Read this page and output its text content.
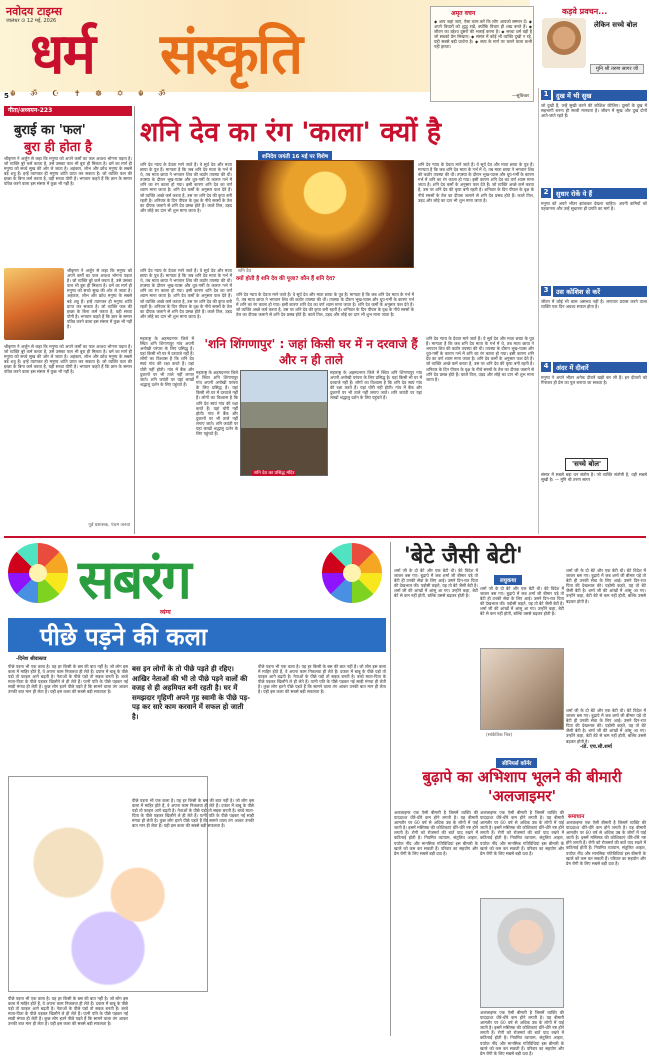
नवोदय टाइम्स
जालंधर ⊙ 12 मई, 2026
धर्म संस्कृति
☬ ॐ ☪ ✝ ☸ ✡ ☬ ॐ
5
अमृत वचन
◆ आप जहां जाएं, ऐसा काम करें कि लोग आपको सम्मान दें। ◆ अपने विचारों को शुद्ध रखें, क्योंकि विचार ही शब्द बनते हैं। ◆ जीवन का उद्देश्य दूसरों की भलाई करना है। ◆ सच्चा धर्म वही है जो सबको प्रेम सिखाए। ◆ संसार में कोई भी व्यक्ति दुखी न रहे, यही सबसे बड़ी प्रार्थना है। ◆ सत्य के मार्ग पर चलने वाला कभी नहीं हारता।
—सुविचार
कड़वे प्रवचन...
लेकिन सच्चे बोल
मुनि श्री तरुण सागर जी
गीता/अध्ययन-223
बुराई का 'फल'
बुरा ही होता है
श्रीकृष्ण ने अर्जुन से कहा कि मनुष्य को अपने कर्मों का फल अवश्य भोगना पड़ता है। जो व्यक्ति बुरे कर्म करता है, उसे उसका फल भी बुरा ही मिलता है। धर्म का मार्ग ही मनुष्य को सच्चे सुख की ओर ले जाता है। अहंकार, लोभ और क्रोध मनुष्य के सबसे बड़े शत्रु हैं। इन्हें त्यागकर ही मनुष्य शांति प्राप्त कर सकता है। जो व्यक्ति फल की इच्छा के बिना कर्म करता है, वही सच्चा योगी है। भगवान कहते हैं कि ज्ञान के समान पवित्र करने वाला इस संसार में कुछ भी नहीं है।
श्रीकृष्ण ने अर्जुन से कहा कि मनुष्य को अपने कर्मों का फल अवश्य भोगना पड़ता है। जो व्यक्ति बुरे कर्म करता है, उसे उसका फल भी बुरा ही मिलता है। धर्म का मार्ग ही मनुष्य को सच्चे सुख की ओर ले जाता है। अहंकार, लोभ और क्रोध मनुष्य के सबसे बड़े शत्रु हैं। इन्हें त्यागकर ही मनुष्य शांति प्राप्त कर सकता है। जो व्यक्ति फल की इच्छा के बिना कर्म करता है, वही सच्चा योगी है। भगवान कहते हैं कि ज्ञान के समान पवित्र करने वाला इस संसार में कुछ भी नहीं है।
श्रीकृष्ण ने अर्जुन से कहा कि मनुष्य को अपने कर्मों का फल अवश्य भोगना पड़ता है। जो व्यक्ति बुरे कर्म करता है, उसे उसका फल भी बुरा ही मिलता है। धर्म का मार्ग ही मनुष्य को सच्चे सुख की ओर ले जाता है। अहंकार, लोभ और क्रोध मनुष्य के सबसे बड़े शत्रु हैं। इन्हें त्यागकर ही मनुष्य शांति प्राप्त कर सकता है। जो व्यक्ति फल की इच्छा के बिना कर्म करता है, वही सच्चा योगी है। भगवान कहते हैं कि ज्ञान के समान पवित्र करने वाला इस संसार में कुछ भी नहीं है।
पूर्व प्रशासक, पंचम जनवा
शनि देव का रंग 'काला' क्यों है
शनिदेव जयंती 16 मई पर विशेष
शनि देव न्याय के देवता माने जाते हैं। वे सूर्य देव और माता छाया के पुत्र हैं। मान्यता है कि जब शनि देव माता के गर्भ में थे, तब माता छाया ने भगवान शिव की कठोर तपस्या की थी। तपस्या के दौरान भूख-प्यास और धूप-गर्मी के कारण गर्भ में शनि का रंग काला हो गया। इसी कारण शनि देव का वर्ण श्याम माना जाता है। शनि देव कर्मों के अनुसार फल देते हैं। जो व्यक्ति अच्छे कर्म करता है, उस पर शनि देव की कृपा बनी रहती है। शनिवार के दिन पीपल के वृक्ष के नीचे सरसों के तेल का दीपक जलाने से शनि देव प्रसन्न होते हैं। काले तिल, उड़द और लोहे का दान भी शुभ माना जाता है।
शनि देव
शनि देव न्याय के देवता माने जाते हैं। वे सूर्य देव और माता छाया के पुत्र हैं। मान्यता है कि जब शनि देव माता के गर्भ में थे, तब माता छाया ने भगवान शिव की कठोर तपस्या की थी। तपस्या के दौरान भूख-प्यास और धूप-गर्मी के कारण गर्भ में शनि का रंग काला हो गया। इसी कारण शनि देव का वर्ण श्याम माना जाता है। शनि देव कर्मों के अनुसार फल देते हैं। जो व्यक्ति अच्छे कर्म करता है, उस पर शनि देव की कृपा बनी रहती है। शनिवार के दिन पीपल के वृक्ष के नीचे सरसों के तेल का दीपक जलाने से शनि देव प्रसन्न होते हैं। काले तिल, उड़द और लोहे का दान भी शुभ माना जाता है।
शनि देव न्याय के देवता माने जाते हैं। वे सूर्य देव और माता छाया के पुत्र हैं। मान्यता है कि जब शनि देव माता के गर्भ में थे, तब माता छाया ने भगवान शिव की कठोर तपस्या की थी। तपस्या के दौरान भूख-प्यास और धूप-गर्मी के कारण गर्भ में शनि का रंग काला हो गया। इसी कारण शनि देव का वर्ण श्याम माना जाता है। शनि देव कर्मों के अनुसार फल देते हैं। जो व्यक्ति अच्छे कर्म करता है, उस पर शनि देव की कृपा बनी रहती है। शनिवार के दिन पीपल के वृक्ष के नीचे सरसों के तेल का दीपक जलाने से शनि देव प्रसन्न होते हैं। काले तिल, उड़द और लोहे का दान भी शुभ माना जाता है।
क्यों होती है शनि देव की पूजा? कौन हैं शनि देव?
शनि देव न्याय के देवता माने जाते हैं। वे सूर्य देव और माता छाया के पुत्र हैं। मान्यता है कि जब शनि देव माता के गर्भ में थे, तब माता छाया ने भगवान शिव की कठोर तपस्या की थी। तपस्या के दौरान भूख-प्यास और धूप-गर्मी के कारण गर्भ में शनि का रंग काला हो गया। इसी कारण शनि देव का वर्ण श्याम माना जाता है। शनि देव कर्मों के अनुसार फल देते हैं। जो व्यक्ति अच्छे कर्म करता है, उस पर शनि देव की कृपा बनी रहती है। शनिवार के दिन पीपल के वृक्ष के नीचे सरसों के तेल का दीपक जलाने से शनि देव प्रसन्न होते हैं। काले तिल, उड़द और लोहे का दान भी शुभ माना जाता है।
'शनि शिंगणापुर' : जहां किसी घर में न दरवाजे हैं और न ही ताले
महाराष्ट्र के अहमदनगर जिले में स्थित शनि शिंगणापुर गांव अपनी अनोखी परंपरा के लिए प्रसिद्ध है। यहां किसी भी घर में दरवाजे नहीं हैं। लोगों का विश्वास है कि शनि देव स्वयं गांव की रक्षा करते हैं। यहां चोरी नहीं होती। गांव में बैंक और दुकानों पर भी ताले नहीं लगाए जाते। शनि जयंती पर यहां लाखों श्रद्धालु दर्शन के लिए पहुंचते हैं।
शनि देव का प्रसिद्ध मंदिर
महाराष्ट्र के अहमदनगर जिले में स्थित शनि शिंगणापुर गांव अपनी अनोखी परंपरा के लिए प्रसिद्ध है। यहां किसी भी घर में दरवाजे नहीं हैं। लोगों का विश्वास है कि शनि देव स्वयं गांव की रक्षा करते हैं। यहां चोरी नहीं होती। गांव में बैंक और दुकानों पर भी ताले नहीं लगाए जाते। शनि जयंती पर यहां लाखों श्रद्धालु दर्शन के लिए पहुंचते हैं।
महाराष्ट्र के अहमदनगर जिले में स्थित शनि शिंगणापुर गांव अपनी अनोखी परंपरा के लिए प्रसिद्ध है। यहां किसी भी घर में दरवाजे नहीं हैं। लोगों का विश्वास है कि शनि देव स्वयं गांव की रक्षा करते हैं। यहां चोरी नहीं होती। गांव में बैंक और दुकानों पर भी ताले नहीं लगाए जाते। शनि जयंती पर यहां लाखों श्रद्धालु दर्शन के लिए पहुंचते हैं।
शनि देव न्याय के देवता माने जाते हैं। वे सूर्य देव और माता छाया के पुत्र हैं। मान्यता है कि जब शनि देव माता के गर्भ में थे, तब माता छाया ने भगवान शिव की कठोर तपस्या की थी। तपस्या के दौरान भूख-प्यास और धूप-गर्मी के कारण गर्भ में शनि का रंग काला हो गया। इसी कारण शनि देव का वर्ण श्याम माना जाता है। शनि देव कर्मों के अनुसार फल देते हैं। जो व्यक्ति अच्छे कर्म करता है, उस पर शनि देव की कृपा बनी रहती है। शनिवार के दिन पीपल के वृक्ष के नीचे सरसों के तेल का दीपक जलाने से शनि देव प्रसन्न होते हैं। काले तिल, उड़द और लोहे का दान भी शुभ माना जाता है।
1	दुख में भी सुख
जो दुखी हैं, उन्हें सुखी करने की कोशिश कीजिए। दूसरों के दुख में सहभागी बनना ही सच्ची मानवता है। जीवन में सुख और दुख दोनों आते-जाते रहते हैं।
2	सुधार रोकें ये हैं
मनुष्य को अपने भीतर झांककर देखना चाहिए। अपनी कमियों को पहचानना और उन्हें सुधारना ही प्रगति का मार्ग है।
3	उस कोशिश से करें
जीवन में कोई भी काम असंभव नहीं है। लगातार प्रयास करने वाला व्यक्ति एक दिन अवश्य सफल होता है।
4	अंदर में दीवारें
मनुष्य ने अपने भीतर अनेक दीवारें खड़ी कर ली हैं। इन दीवारों को गिराकर ही प्रेम का पुल बनाया जा सकता है।
'सच्चे बोल'
संसार में सबसे बड़ा धन संतोष है। जो व्यक्ति संतोषी है, वही सबसे सुखी है। — मुनि श्री तरुण सागर
सबरंग
व्यंग्य
पीछे पड़ने की कला
-दिनेश श्रीवास्तव
पीछे पड़ना भी एक कला है। यह हर किसी के बस की बात नहीं है। जो लोग इस कला में माहिर होते हैं, वे अपना काम निकलवा ही लेते हैं। दफ्तर में बाबू के पीछे पड़ो तो फाइल आगे बढ़ती है। नेताओं के पीछे पड़ो तो सड़क बनती है। बच्चे माता-पिता के पीछे पड़कर खिलौने ले ही लेते हैं। पत्नी पति के पीछे पड़कर नई साड़ी मंगवा ही लेती है। कुछ लोग इतने पीछे पड़ते हैं कि सामने वाला तंग आकर उनकी बात मान ही लेता है। यही इस कला की सबसे बड़ी सफलता है।
बस इन लोगों के तो पीछे पड़ते ही रहिए। आखिर नेताओं की भी तो पीछे पड़ने वालों की वजह से ही अहमियत बनी रहती है। घर में समझदार गृहिणी अपने गृह स्वामी के पीछे पड़-पड़ कर सारे काम करवाने में सफल हो जाती है।
पीछे पड़ना भी एक कला है। यह हर किसी के बस की बात नहीं है। जो लोग इस कला में माहिर होते हैं, वे अपना काम निकलवा ही लेते हैं। दफ्तर में बाबू के पीछे पड़ो तो फाइल आगे बढ़ती है। नेताओं के पीछे पड़ो तो सड़क बनती है। बच्चे माता-पिता के पीछे पड़कर खिलौने ले ही लेते हैं। पत्नी पति के पीछे पड़कर नई साड़ी मंगवा ही लेती है। कुछ लोग इतने पीछे पड़ते हैं कि सामने वाला तंग आकर उनकी बात मान ही लेता है। यही इस कला की सबसे बड़ी सफलता है।
पीछे पड़ना भी एक कला है। यह हर किसी के बस की बात नहीं है। जो लोग इस कला में माहिर होते हैं, वे अपना काम निकलवा ही लेते हैं। दफ्तर में बाबू के पीछे पड़ो तो फाइल आगे बढ़ती है। नेताओं के पीछे पड़ो तो सड़क बनती है। बच्चे माता-पिता के पीछे पड़कर खिलौने ले ही लेते हैं। पत्नी पति के पीछे पड़कर नई साड़ी मंगवा ही लेती है। कुछ लोग इतने पीछे पड़ते हैं कि सामने वाला तंग आकर उनकी बात मान ही लेता है। यही इस कला की सबसे बड़ी सफलता है।
पीछे पड़ना भी एक कला है। यह हर किसी के बस की बात नहीं है। जो लोग इस कला में माहिर होते हैं, वे अपना काम निकलवा ही लेते हैं। दफ्तर में बाबू के पीछे पड़ो तो फाइल आगे बढ़ती है। नेताओं के पीछे पड़ो तो सड़क बनती है। बच्चे माता-पिता के पीछे पड़कर खिलौने ले ही लेते हैं। पत्नी पति के पीछे पड़कर नई साड़ी मंगवा ही लेती है। कुछ लोग इतने पीछे पड़ते हैं कि सामने वाला तंग आकर उनकी बात मान ही लेता है। यही इस कला की सबसे बड़ी सफलता है।
'बेटे जैसी बेटी'
लघुकथा
शर्मा जी के दो बेटे और एक बेटी थी। बेटे विदेश में जाकर बस गए। बुढ़ापे में जब शर्मा जी बीमार पड़े तो बेटी ही उनकी सेवा के लिए आई। उसने दिन-रात पिता की देखभाल की। पड़ोसी कहते, यह तो बेटे जैसी बेटी है। शर्मा जी की आंखों में आंसू आ गए। उन्होंने कहा, बेटी बेटे से कम नहीं होती, बल्कि उससे बढ़कर होती है।
शर्मा जी के दो बेटे और एक बेटी थी। बेटे विदेश में जाकर बस गए। बुढ़ापे में जब शर्मा जी बीमार पड़े तो बेटी ही उनकी सेवा के लिए आई। उसने दिन-रात पिता की देखभाल की। पड़ोसी कहते, यह तो बेटे जैसी बेटी है। शर्मा जी की आंखों में आंसू आ गए। उन्होंने कहा, बेटी बेटे से कम नहीं होती, बल्कि उससे बढ़कर होती है।
शर्मा जी के दो बेटे और एक बेटी थी। बेटे विदेश में जाकर बस गए। बुढ़ापे में जब शर्मा जी बीमार पड़े तो बेटी ही उनकी सेवा के लिए आई। उसने दिन-रात पिता की देखभाल की। पड़ोसी कहते, यह तो बेटे जैसी बेटी है। शर्मा जी की आंखों में आंसू आ गए। उन्होंने कहा, बेटी बेटे से कम नहीं होती, बल्कि उससे बढ़कर होती है।
(सांकेतिक चित्र)
शर्मा जी के दो बेटे और एक बेटी थी। बेटे विदेश में जाकर बस गए। बुढ़ापे में जब शर्मा जी बीमार पड़े तो बेटी ही उनकी सेवा के लिए आई। उसने दिन-रात पिता की देखभाल की। पड़ोसी कहते, यह तो बेटे जैसी बेटी है। शर्मा जी की आंखों में आंसू आ गए। उन्होंने कहा, बेटी बेटे से कम नहीं होती, बल्कि उससे बढ़कर होती है।
-प्रो. एच.सी.शर्मा
सीनियर्स कॉर्नर
बुढ़ापे का अभिशाप भूलने की बीमारी 'अलजाइमर'
अलजाइमर एक ऐसी बीमारी है जिसमें व्यक्ति की याददाश्त धीरे-धीरे कम होने लगती है। यह बीमारी आमतौर पर 60 वर्ष से अधिक उम्र के लोगों में पाई जाती है। इसमें मस्तिष्क की कोशिकाएं धीरे-धीरे नष्ट होने लगती हैं। रोगी को रोजमर्रा की बातें याद रखने में कठिनाई होती है। नियमित व्यायाम, संतुलित आहार, पर्याप्त नींद और मानसिक गतिविधियां इस बीमारी के खतरे को कम कर सकती हैं। परिवार का सहयोग और प्रेम रोगी के लिए सबसे बड़ी दवा है।
अलजाइमर एक ऐसी बीमारी है जिसमें व्यक्ति की याददाश्त धीरे-धीरे कम होने लगती है। यह बीमारी आमतौर पर 60 वर्ष से अधिक उम्र के लोगों में पाई जाती है। इसमें मस्तिष्क की कोशिकाएं धीरे-धीरे नष्ट होने लगती हैं। रोगी को रोजमर्रा की बातें याद रखने में कठिनाई होती है। नियमित व्यायाम, संतुलित आहार, पर्याप्त नींद और मानसिक गतिविधियां इस बीमारी के खतरे को कम कर सकती हैं। परिवार का सहयोग और प्रेम रोगी के लिए सबसे बड़ी दवा है।
समाधान
अलजाइमर एक ऐसी बीमारी है जिसमें व्यक्ति की याददाश्त धीरे-धीरे कम होने लगती है। यह बीमारी आमतौर पर 60 वर्ष से अधिक उम्र के लोगों में पाई जाती है। इसमें मस्तिष्क की कोशिकाएं धीरे-धीरे नष्ट होने लगती हैं। रोगी को रोजमर्रा की बातें याद रखने में कठिनाई होती है। नियमित व्यायाम, संतुलित आहार, पर्याप्त नींद और मानसिक गतिविधियां इस बीमारी के खतरे को कम कर सकती हैं। परिवार का सहयोग और प्रेम रोगी के लिए सबसे बड़ी दवा है।
अलजाइमर एक ऐसी बीमारी है जिसमें व्यक्ति की याददाश्त धीरे-धीरे कम होने लगती है। यह बीमारी आमतौर पर 60 वर्ष से अधिक उम्र के लोगों में पाई जाती है। इसमें मस्तिष्क की कोशिकाएं धीरे-धीरे नष्ट होने लगती हैं। रोगी को रोजमर्रा की बातें याद रखने में कठिनाई होती है। नियमित व्यायाम, संतुलित आहार, पर्याप्त नींद और मानसिक गतिविधियां इस बीमारी के खतरे को कम कर सकती हैं। परिवार का सहयोग और प्रेम रोगी के लिए सबसे बड़ी दवा है।
